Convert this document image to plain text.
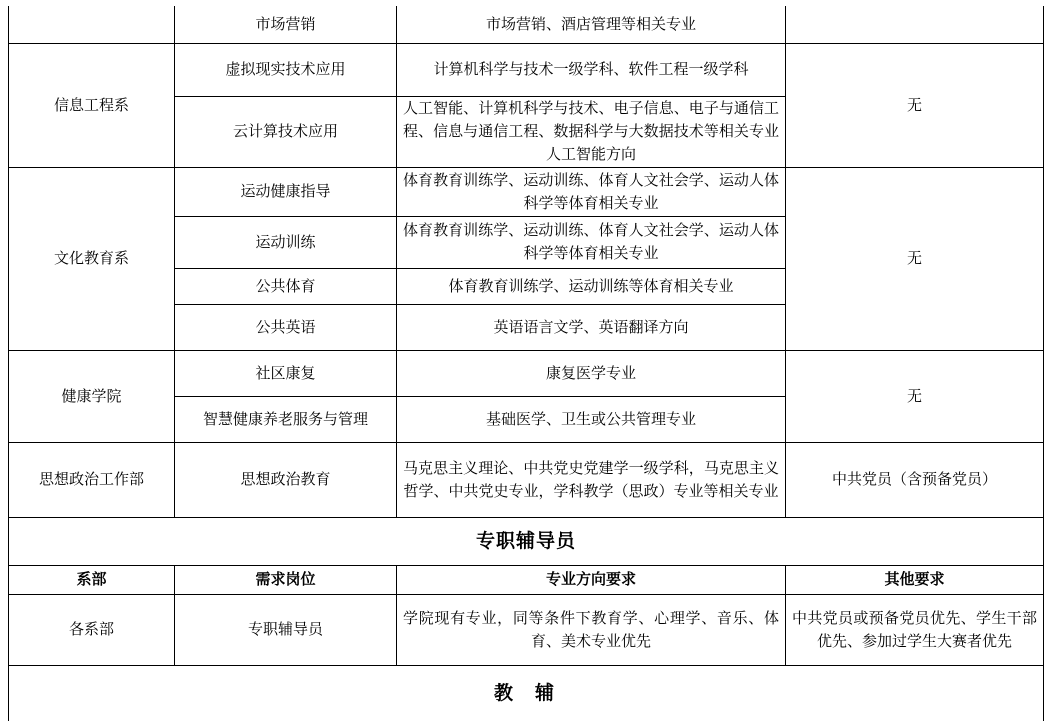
	市场营销	市场营销、酒店管理等相关专业	
信息工程系	虚拟现实技术应用	计算机科学与技术一级学科、软件工程一级学科	无
	云计算技术应用	人工智能、计算机科学与技术、电子信息、电子与通信工程、信息与通信工程、数据科学与大数据技术等相关专业人工智能方向	
文化教育系	运动健康指导	体育教育训练学、运动训练、体育人文社会学、运动人体科学等体育相关专业	无
	运动训练	体育教育训练学、运动训练、体育人文社会学、运动人体科学等体育相关专业	
	公共体育	体育教育训练学、运动训练等体育相关专业	
	公共英语	英语语言文学、英语翻译方向	
健康学院	社区康复	康复医学专业	无
	智慧健康养老服务与管理	基础医学、卫生或公共管理专业	
思想政治工作部	思想政治教育	马克思主义理论、中共党史党建学一级学科，马克思主义哲学、中共党史专业，学科教学（思政）专业等相关专业	中共党员（含预备党员）
专职辅导员			
系部	需求岗位	专业方向要求	其他要求
各系部	专职辅导员	学院现有专业，同等条件下教育学、心理学、音乐、体育、美术专业优先	中共党员或预备党员优先、学生干部优先、参加过学生大赛者优先
教辅			
